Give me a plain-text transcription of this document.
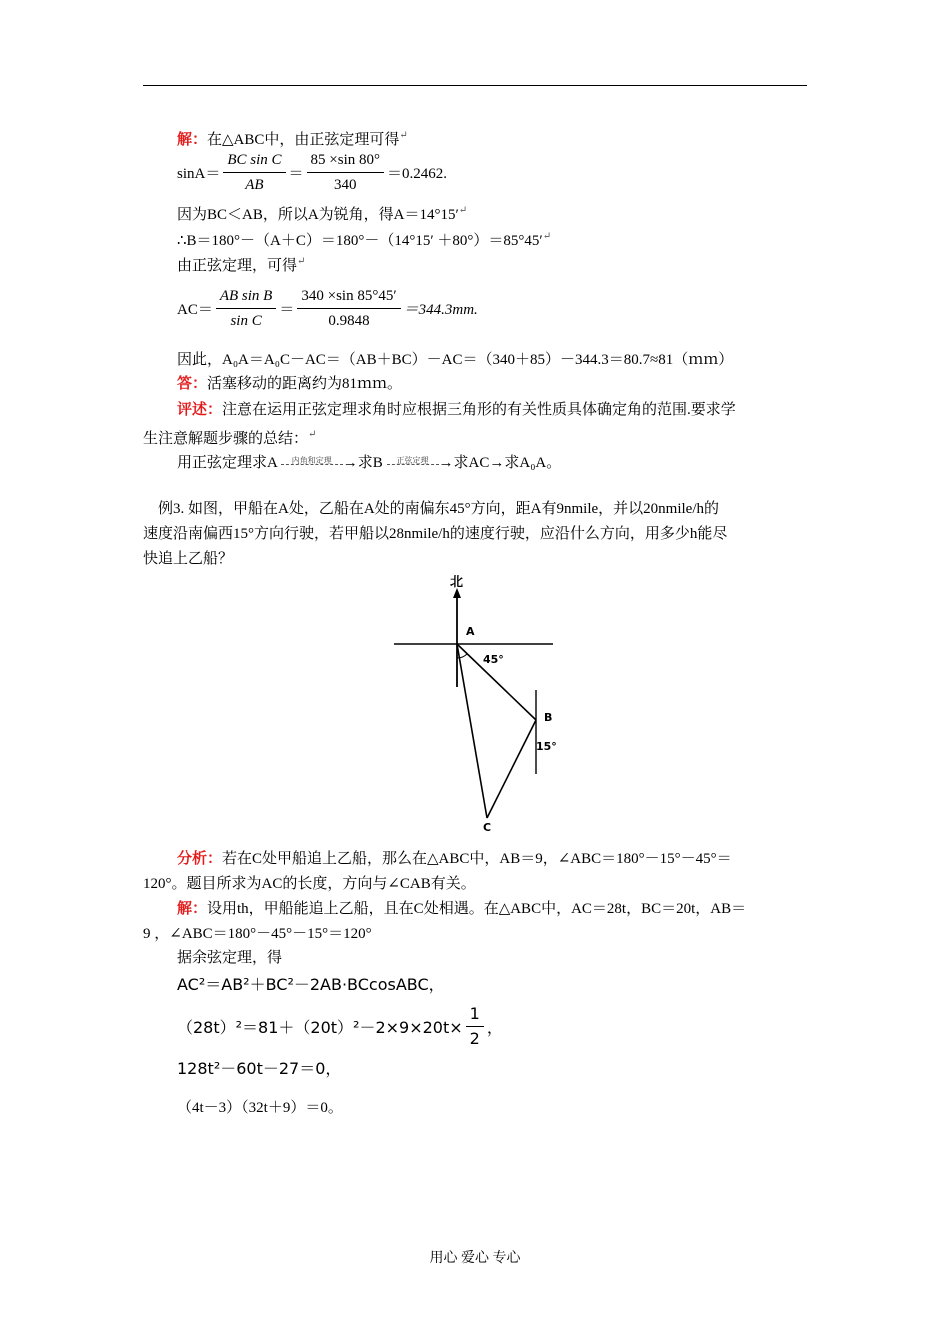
解：在△ABC中，由正弦定理可得↵
$\sin A= \frac{\text{BC sin C}}{AB} = \frac{85 \times\sin 80^\circ}{340} =0.2462$.
因为BC＜AB，所以A为锐角，得A＝14°15′↵
∴B＝180°－（A＋C）＝180°－（14°15′ ＋80°）＝85°45′↵
由正弦定理，可得↵
$AC= \frac{\text{AB sin B}}{\text{sin C}} = \frac{340 \times\sin 85^\circ 45'}{0.9848} =344.3mm$.
因此，A₀A＝A₀C－AC＝（AB＋BC）－AC＝（340＋85）－344.3＝80.7≈81（ｍｍ）
答：活塞移动的距离约为81ｍｍ。
评述：注意在运用正弦定理求角时应根据三角形的有关性质具体确定角的范围.要求学
生注意解题步骤的总结：↵
用正弦定理求A	内角和定理 →求B	正弦定理 →求AC→求A₀A。
例3. 如图，甲船在A处，乙船在A处的南偏东45°方向，距A有9nmile，并以20nmile/h的
速度沿南偏西15°方向行驶，若甲船以28nmile/h的速度行驶，应沿什么方向，用多少h能尽
快追上乙船？
北
A
45°
B
15°
C
分析：若在C处甲船追上乙船，那么在△ABC中，AB＝9，∠ABC＝180°－15°－45°＝
120°。题目所求为AC的长度，方向与∠CAB有关。
解：设用th，甲船能追上乙船，且在C处相遇。在△ABC中，AC＝28t，BC＝20t，AB＝
9 ，∠ABC＝180°－45°－15°＝120°
据余弦定理，得
AC²＝AB²＋BC²－2AB·BCcosABC，
$(28t)^2=81+(20t)^2-2\times 9\times 20t\times \frac{1}{2}$ ，
128t²－60t－27＝0，
（4t－3）（32t＋9）＝0。
用心 爱心 专心
